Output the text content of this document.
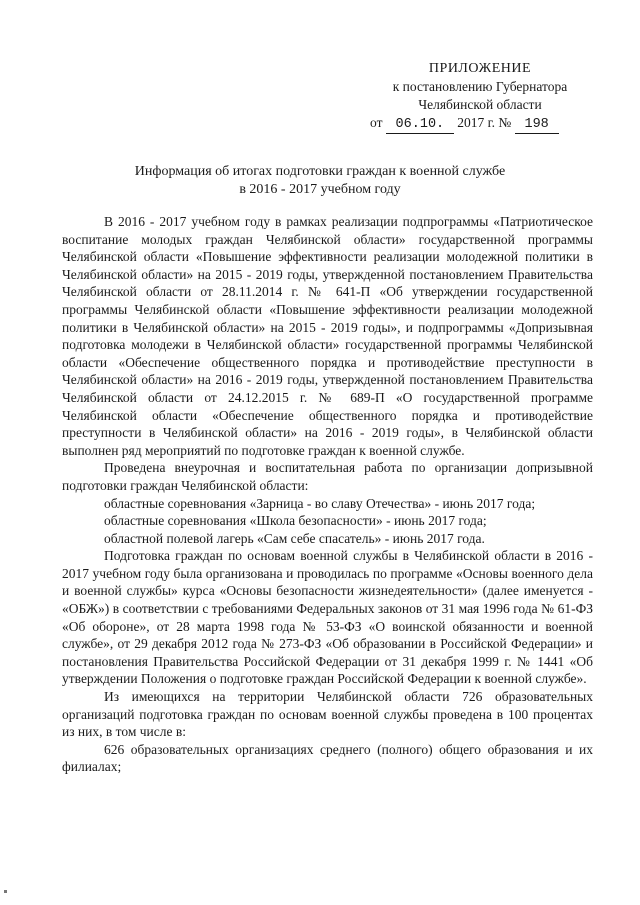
ПРИЛОЖЕНИЕ
к постановлению Губернатора
Челябинской области
от 06.10. 2017 г. № 198
Информация об итогах подготовки граждан к военной службе
в 2016 - 2017 учебном году

В 2016 - 2017 учебном году в рамках реализации подпрограммы «Патриотическое воспитание молодых граждан Челябинской области» государственной программы Челябинской области «Повышение эффективности реализации молодежной политики в Челябинской области» на 2015 - 2019 годы, утвержденной постановлением Правительства Челябинской области от 28.11.2014 г. № 641-П «Об утверждении государственной программы Челябинской области «Повышение эффективности реализации молодежной политики в Челябинской области» на 2015 - 2019 годы», и подпрограммы «Допризывная подготовка молодежи в Челябинской области» государственной программы Челябинской области «Обеспечение общественного порядка и противодействие преступности в Челябинской области» на 2016 - 2019 годы, утвержденной постановлением Правительства Челябинской области от 24.12.2015 г. № 689-П «О государственной программе Челябинской области «Обеспечение общественного порядка и противодействие преступности в Челябинской области» на 2016 - 2019 годы», в Челябинской области выполнен ряд мероприятий по подготовке граждан к военной службе.

Проведена внеурочная и воспитательная работа по организации допризывной подготовки граждан Челябинской области:

областные соревнования «Зарница - во славу Отечества» - июнь 2017 года;

областные соревнования «Школа безопасности» - июнь 2017 года;

областной полевой лагерь «Сам себе спасатель» - июнь 2017 года.

Подготовка граждан по основам военной службы в Челябинской области в 2016 - 2017 учебном году была организована и проводилась по программе «Основы военного дела и военной службы» курса «Основы безопасности жизнедеятельности» (далее именуется - «ОБЖ») в соответствии с требованиями Федеральных законов от 31 мая 1996 года № 61-ФЗ «Об обороне», от 28 марта 1998 года № 53-ФЗ «О воинской обязанности и военной службе», от 29 декабря 2012 года № 273-ФЗ «Об образовании в Российской Федерации» и постановления Правительства Российской Федерации от 31 декабря 1999 г. № 1441 «Об утверждении Положения о подготовке граждан Российской Федерации к военной службе».

Из имеющихся на территории Челябинской области 726 образовательных организаций подготовка граждан по основам военной службы проведена в 100 процентах из них, в том числе в:

626 образовательных организациях среднего (полного) общего образования и их филиалах;
